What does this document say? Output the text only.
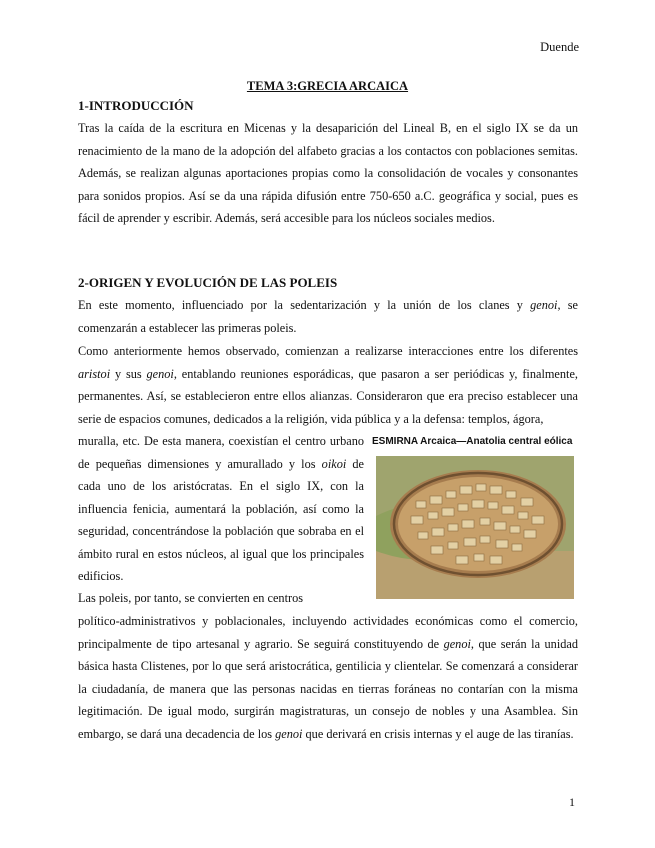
Duende
TEMA 3:GRECIA ARCAICA
1-INTRODUCCIÓN

Tras la caída de la escritura en Micenas y la desaparición del Lineal B, en el siglo IX se da un renacimiento de la mano de la adopción del alfabeto gracias a los contactos con poblaciones semitas. Además, se realizan algunas aportaciones propias como la consolidación de vocales y consonantes para sonidos propios. Así se da una rápida difusión entre 750-650 a.C. geográfica y social, pues es fácil de aprender y escribir. Además, será accesible para los núcleos sociales medios.

2-ORIGEN Y EVOLUCIÓN DE LAS POLEIS

En este momento, influenciado por la sedentarización y la unión de los clanes y genoi, se comenzarán a establecer las primeras poleis.

Como anteriormente hemos observado, comienzan a realizarse interacciones entre los diferentes aristoi y sus genoi, entablando reuniones esporádicas, que pasaron a ser periódicas y, finalmente, permanentes. Así, se establecieron entre ellos alianzas. Consideraron que era preciso establecer una serie de espacios comunes, dedicados a la religión, vida pública y a la defensa: templos, ágora,

muralla, etc. De esta manera, coexistían el centro urbano de pequeñas dimensiones y amurallado y los oikoi de cada uno de los aristócratas. En el siglo IX, con la influencia fenicia, aumentará la población, así como la seguridad, concentrándose la población que sobraba en el ámbito rural en estos núcleos, al igual que los principales edificios.

ESMIRNA Arcaica—Anatolia central eólica

Las poleis, por tanto, se convierten en centros

político-administrativos y poblacionales, incluyendo actividades económicas como el comercio, principalmente de tipo artesanal y agrario. Se seguirá constituyendo de genoi, que serán la unidad básica hasta Clistenes, por lo que será aristocrática, gentilicia y clientelar. Se comenzará a considerar la ciudadanía, de manera que las personas nacidas en tierras foráneas no contarían con la misma legitimación. De igual modo, surgirán magistraturas, un consejo de nobles y una Asamblea. Sin embargo, se dará una decadencia de los genoi que derivará en crisis internas y el auge de las tiranías.

1
